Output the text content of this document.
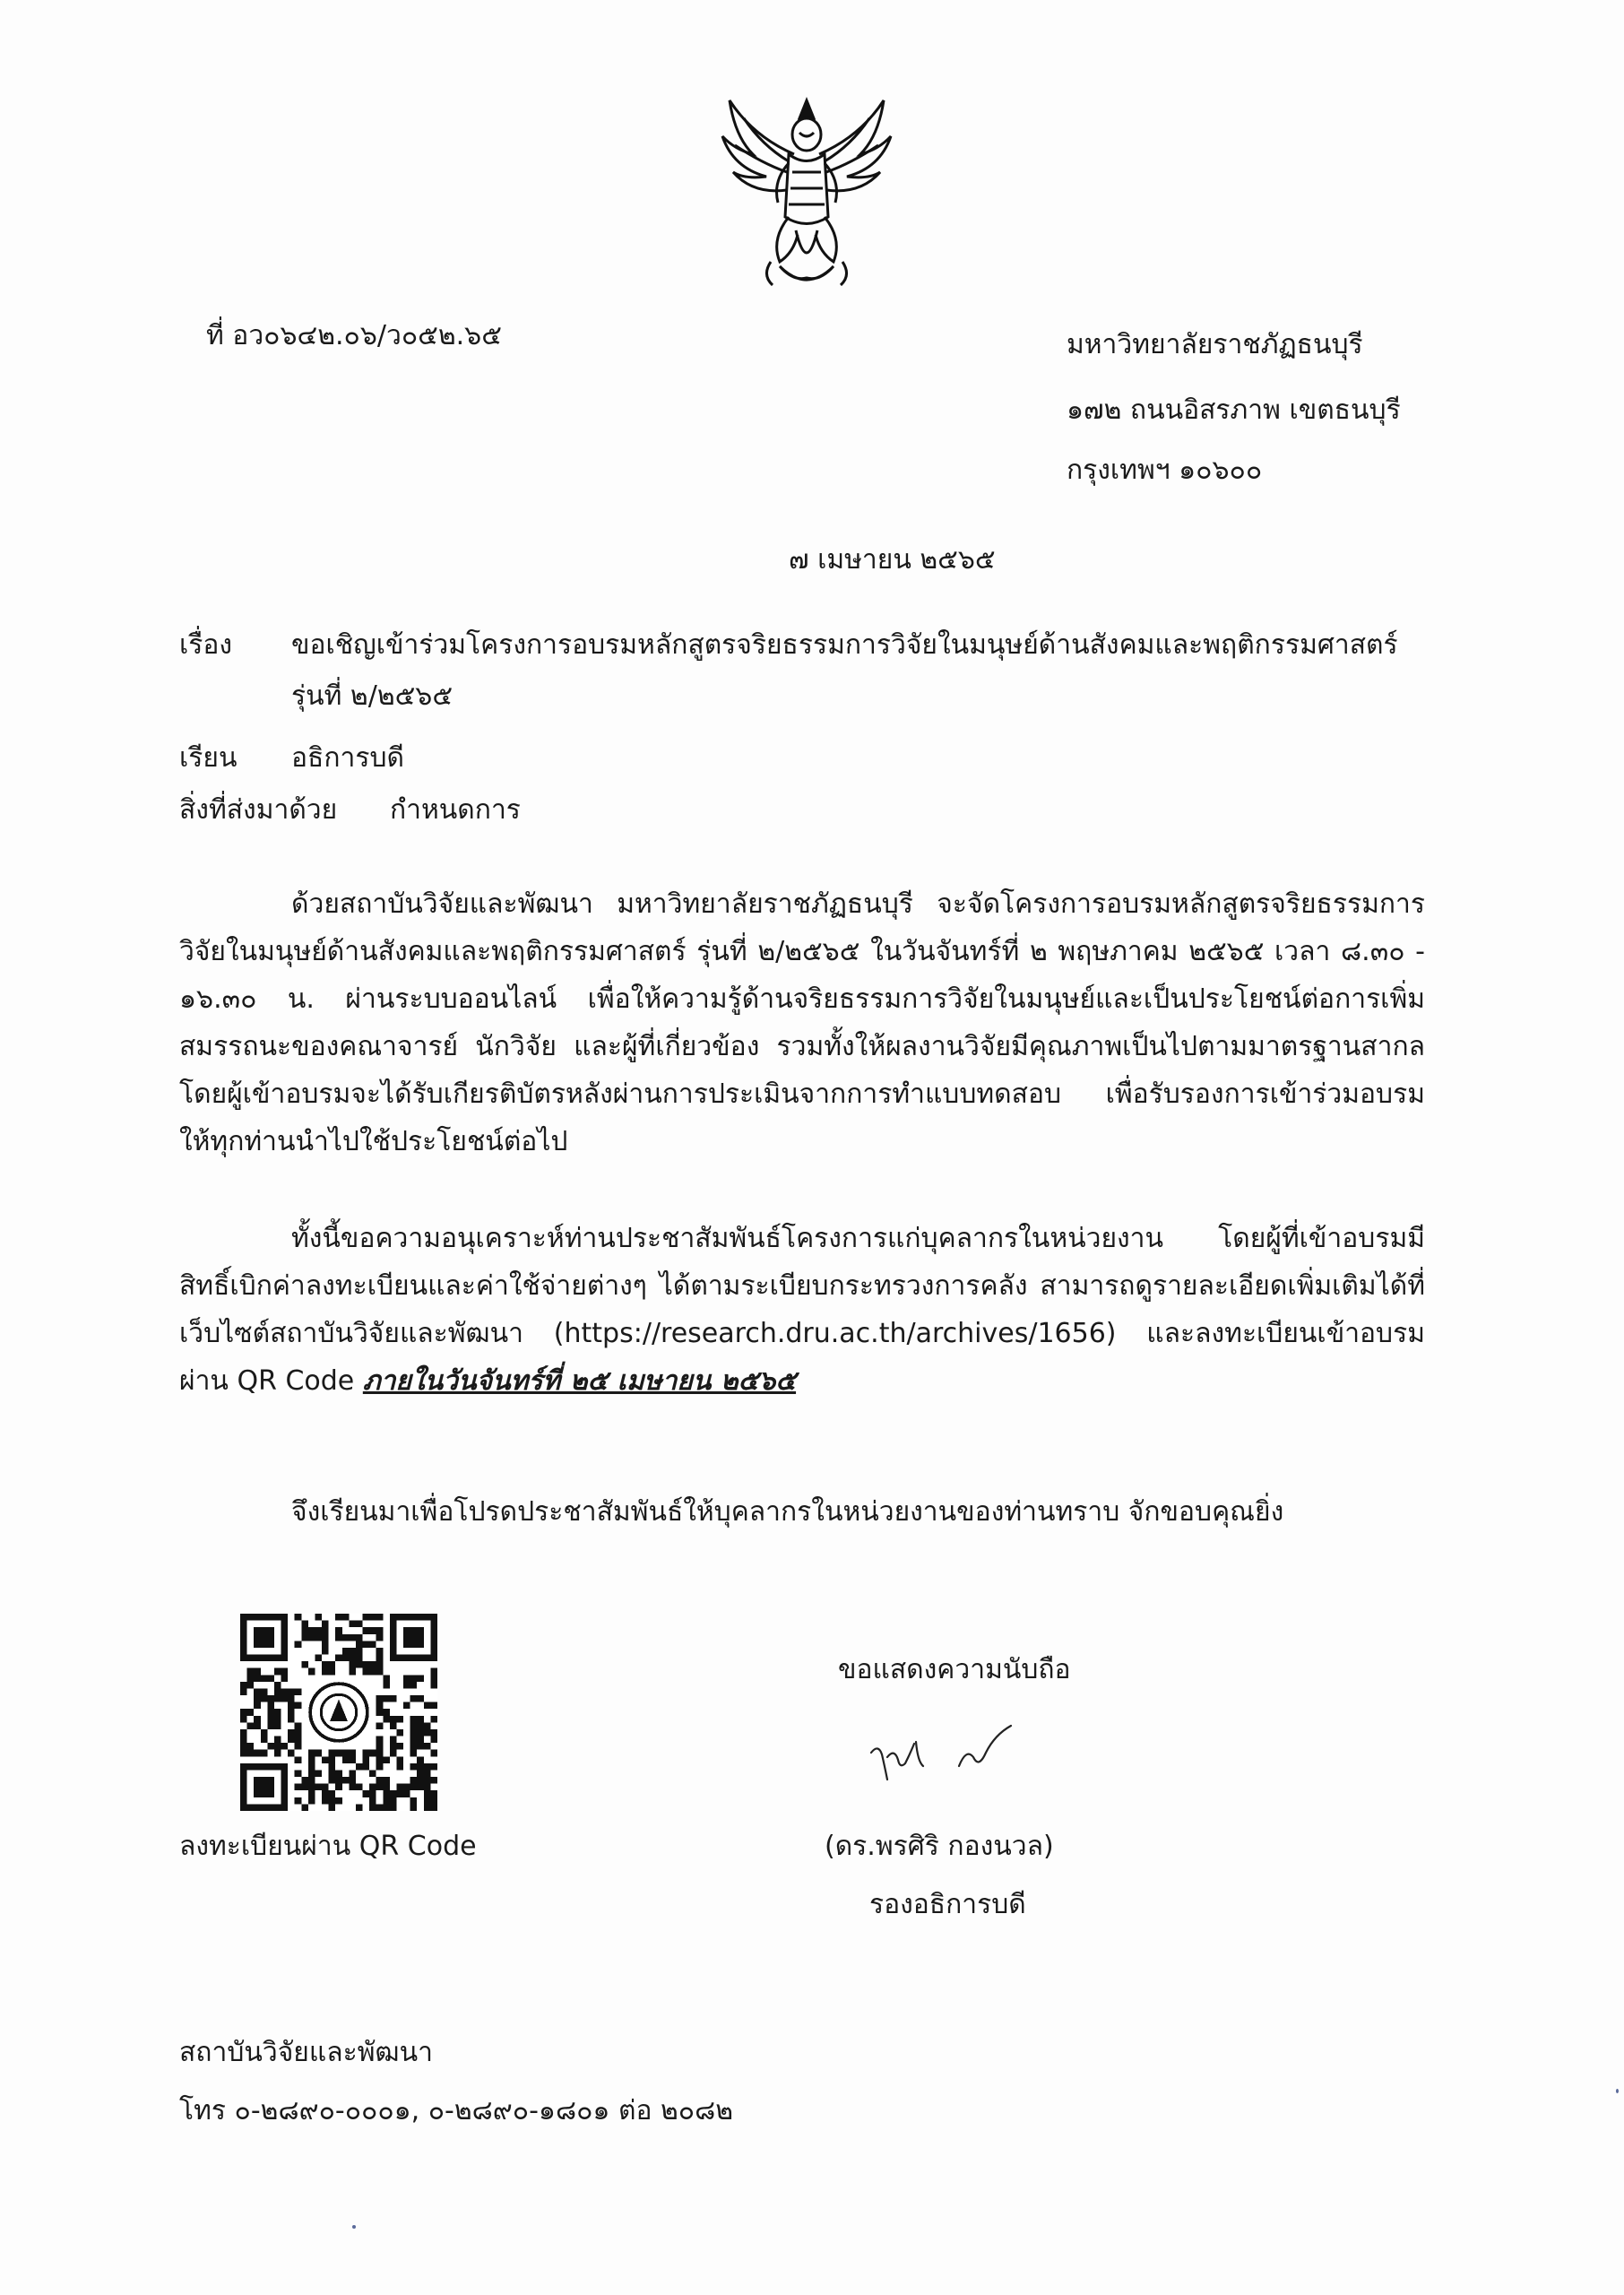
ที่ อว๐๖๔๒.๐๖/ว๐๕๒.๖๕	มหาวิทยาลัยราชภัฏธนบุรี
๑๗๒ ถนนอิสรภาพ เขตธนบุรี
กรุงเทพฯ ๑๐๖๐๐
๗ เมษายน ๒๕๖๕
เรื่อง ขอเชิญเข้าร่วมโครงการอบรมหลักสูตรจริยธรรมการวิจัยในมนุษย์ด้านสังคมและพฤติกรรมศาสตร์
รุ่นที่ ๒/๒๕๖๕
เรียน อธิการบดี
สิ่งที่ส่งมาด้วย กำหนดการ
ด้วยสถาบันวิจัยและพัฒนา มหาวิทยาลัยราชภัฏธนบุรี จะจัดโครงการอบรมหลักสูตรจริยธรรมการวิจัยในมนุษย์ด้านสังคมและพฤติกรรมศาสตร์ รุ่นที่ ๒/๒๕๖๕ ในวันจันทร์ที่ ๒ พฤษภาคม ๒๕๖๕ เวลา ๘.๓๐ - ๑๖.๓๐ น. ผ่านระบบออนไลน์ เพื่อให้ความรู้ด้านจริยธรรมการวิจัยในมนุษย์และเป็นประโยชน์ต่อการเพิ่มสมรรถนะของคณาจารย์ นักวิจัย และผู้ที่เกี่ยวข้อง รวมทั้งให้ผลงานวิจัยมีคุณภาพเป็นไปตามมาตรฐานสากล โดยผู้เข้าอบรมจะได้รับเกียรติบัตรหลังผ่านการประเมินจากการทำแบบทดสอบ เพื่อรับรองการเข้าร่วมอบรม ให้ทุกท่านนำไปใช้ประโยชน์ต่อไป
ทั้งนี้ขอความอนุเคราะห์ท่านประชาสัมพันธ์โครงการแก่บุคลากรในหน่วยงาน โดยผู้ที่เข้าอบรมมีสิทธิ์เบิกค่าลงทะเบียนและค่าใช้จ่ายต่างๆ ได้ตามระเบียบกระทรวงการคลัง สามารถดูรายละเอียดเพิ่มเติมได้ที่เว็บไซต์สถาบันวิจัยและพัฒนา (https://research.dru.ac.th/archives/1656) และลงทะเบียนเข้าอบรมผ่าน QR Code ภายในวันจันทร์ที่ ๒๕ เมษายน ๒๕๖๕
จึงเรียนมาเพื่อโปรดประชาสัมพันธ์ให้บุคลากรในหน่วยงานของท่านทราบ จักขอบคุณยิ่ง
ลงทะเบียนผ่าน QR Code
ขอแสดงความนับถือ
(ดร.พรศิริ กองนวล)
รองอธิการบดี
สถาบันวิจัยและพัฒนา
โทร ๐-๒๘๙๐-๐๐๐๑, ๐-๒๘๙๐-๑๘๐๑ ต่อ ๒๐๘๒
